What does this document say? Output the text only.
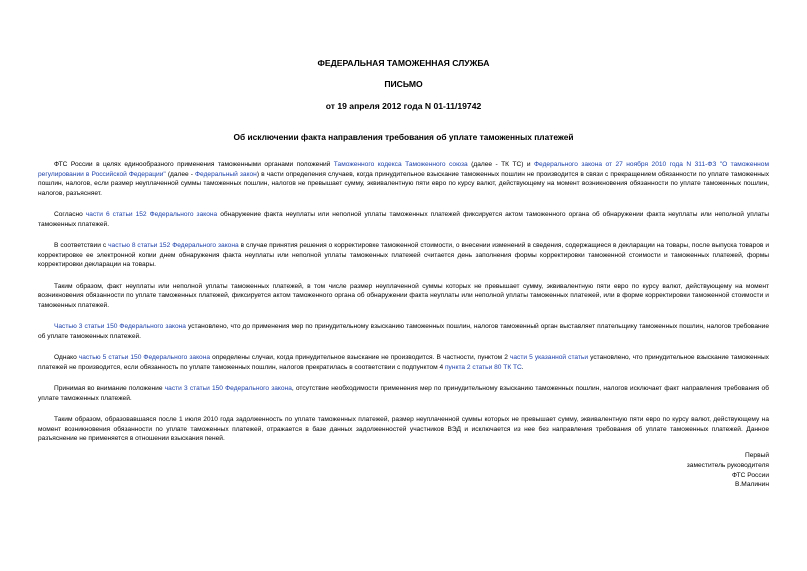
ФЕДЕРАЛЬНАЯ ТАМОЖЕННАЯ СЛУЖБА
ПИСЬМО
от 19 апреля 2012 года N 01-11/19742
Об исключении факта направления требования об уплате таможенных платежей

ФТС России в целях единообразного применения таможенными органами положений Таможенного кодекса Таможенного союза (далее - ТК ТС) и Федерального закона от 27 ноября 2010 года N 311-ФЗ "О таможенном регулировании в Российской Федерации" (далее - Федеральный закон) в части определения случаев, когда принудительное взыскание таможенных пошлин не производится в связи с прекращением обязанности по уплате таможенных пошлин, налогов, если размер неуплаченной суммы таможенных пошлин, налогов не превышает сумму, эквивалентную пяти евро по курсу валют, действующему на момент возникновения обязанности по уплате таможенных пошлин, налогов, разъясняет.

Согласно части 6 статьи 152 Федерального закона обнаружение факта неуплаты или неполной уплаты таможенных платежей фиксируется актом таможенного органа об обнаружении факта неуплаты или неполной уплаты таможенных платежей.

В соответствии с частью 8 статьи 152 Федерального закона в случае принятия решения о корректировке таможенной стоимости, о внесении изменений в сведения, содержащиеся в декларации на товары, после выпуска товаров и корректировке ее электронной копии днем обнаружения факта неуплаты или неполной уплаты таможенных платежей считается день заполнения формы корректировки таможенной стоимости и таможенных платежей, формы корректировки декларации на товары.

Таким образом, факт неуплаты или неполной уплаты таможенных платежей, в том числе размер неуплаченной суммы которых не превышает сумму, эквивалентную пяти евро по курсу валют, действующему на момент возникновения обязанности по уплате таможенных платежей, фиксируется актом таможенного органа об обнаружении факта неуплаты или неполной уплаты таможенных платежей, или в форме корректировки таможенной стоимости и таможенных платежей.

Частью 3 статьи 150 Федерального закона установлено, что до применения мер по принудительному взысканию таможенных пошлин, налогов таможенный орган выставляет плательщику таможенных пошлин, налогов требование об уплате таможенных платежей.

Однако частью 5 статьи 150 Федерального закона определены случаи, когда принудительное взыскание не производится. В частности, пунктом 2 части 5 указанной статьи установлено, что принудительное взыскание таможенных платежей не производится, если обязанность по уплате таможенных пошлин, налогов прекратилась в соответствии с подпунктом 4 пункта 2 статьи 80 ТК ТС.

Принимая во внимание положение части 3 статьи 150 Федерального закона, отсутствие необходимости применения мер по принудительному взысканию таможенных пошлин, налогов исключает факт направления требования об уплате таможенных платежей.

Таким образом, образовавшаяся после 1 июля 2010 года задолженность по уплате таможенных платежей, размер неуплаченной суммы которых не превышает сумму, эквивалентную пяти евро по курсу валют, действующему на момент возникновения обязанности по уплате таможенных платежей, отражается в базе данных задолженностей участников ВЭД и исключается из нее без направления требования об уплате таможенных платежей. Данное разъяснение не применяется в отношении взыскания пеней.

Первый
заместитель руководителя
ФТС России
В.Малинин
